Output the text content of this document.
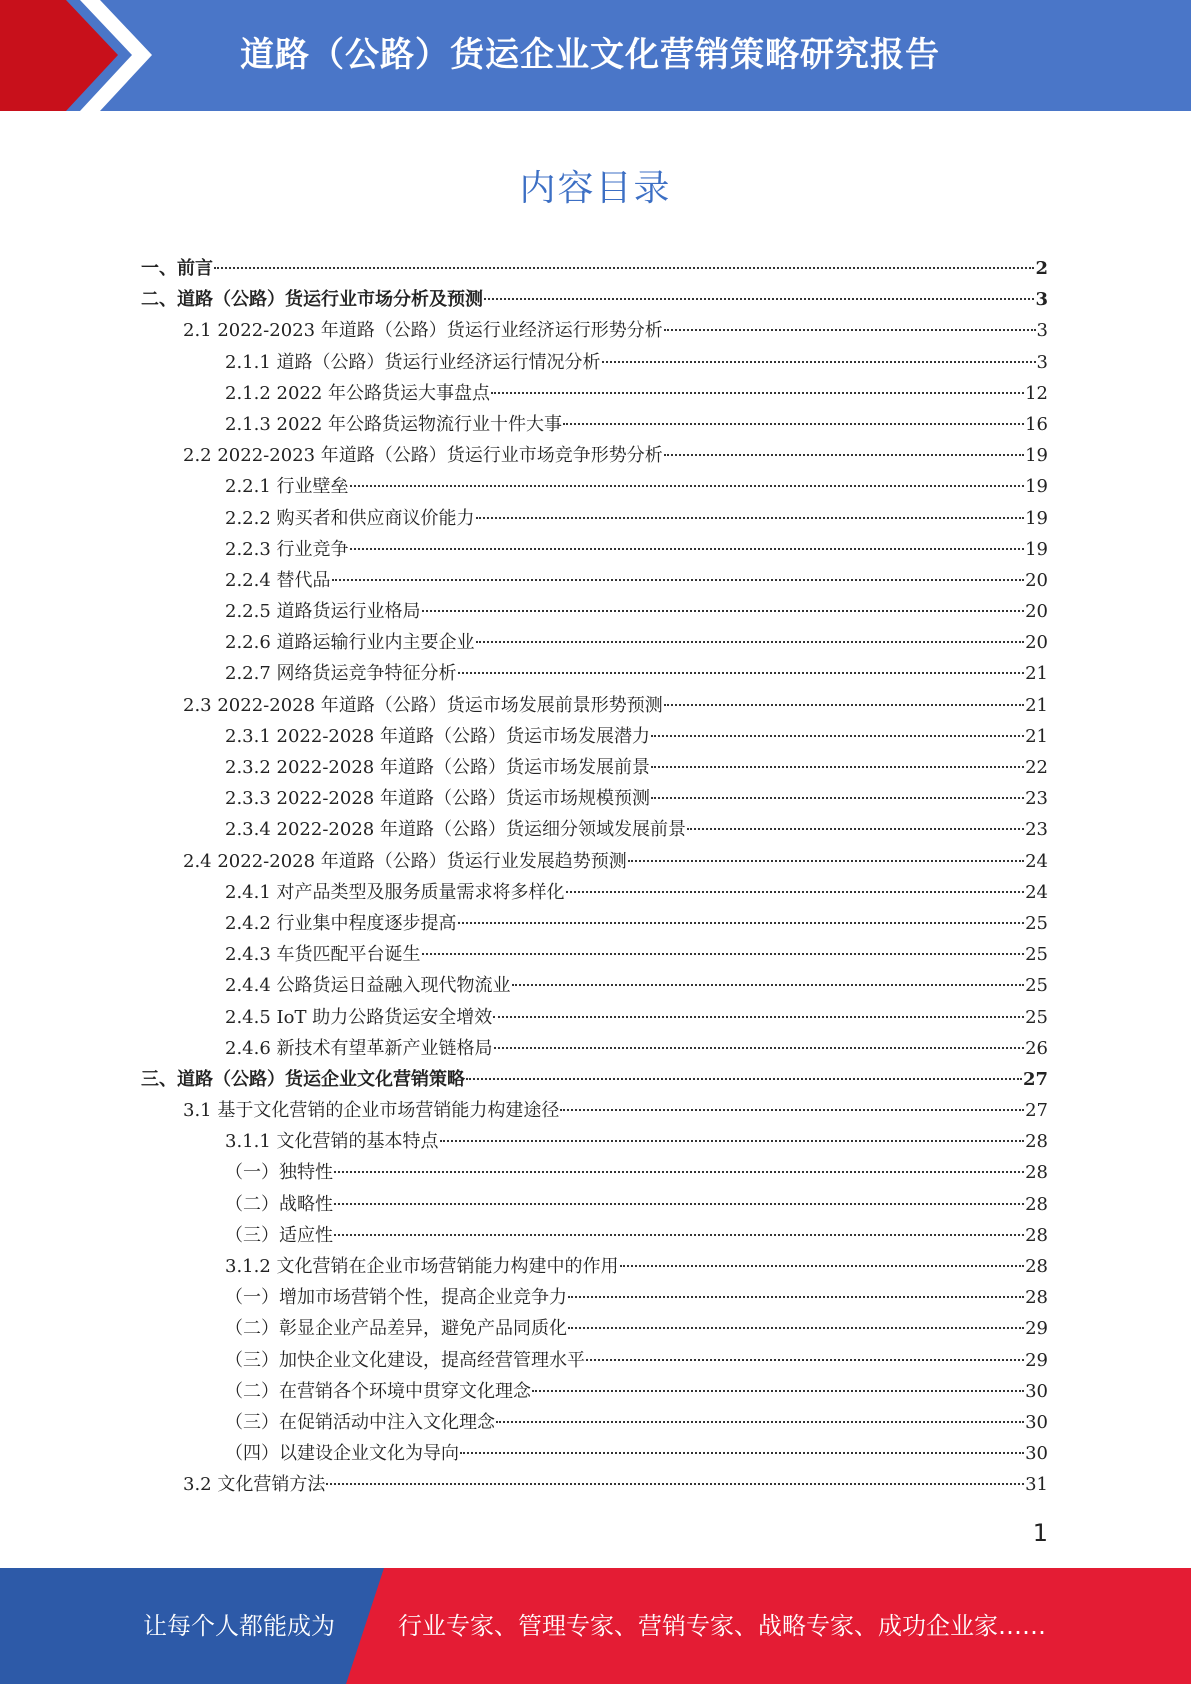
道路（公路）货运企业文化营销策略研究报告
内容目录
一、前言	2
二、道路（公路）货运行业市场分析及预测	3
2.1 2022-2023 年道路（公路）货运行业经济运行形势分析	3
2.1.1 道路（公路）货运行业经济运行情况分析	3
2.1.2 2022 年公路货运大事盘点	12
2.1.3 2022 年公路货运物流行业十件大事	16
2.2 2022-2023 年道路（公路）货运行业市场竞争形势分析	19
2.2.1 行业壁垒	19
2.2.2 购买者和供应商议价能力	19
2.2.3 行业竞争	19
2.2.4 替代品	20
2.2.5 道路货运行业格局	20
2.2.6 道路运输行业内主要企业	20
2.2.7 网络货运竞争特征分析	21
2.3 2022-2028 年道路（公路）货运市场发展前景形势预测	21
2.3.1 2022-2028 年道路（公路）货运市场发展潜力	21
2.3.2 2022-2028 年道路（公路）货运市场发展前景	22
2.3.3 2022-2028 年道路（公路）货运市场规模预测	23
2.3.4 2022-2028 年道路（公路）货运细分领域发展前景	23
2.4 2022-2028 年道路（公路）货运行业发展趋势预测	24
2.4.1 对产品类型及服务质量需求将多样化	24
2.4.2 行业集中程度逐步提高	25
2.4.3 车货匹配平台诞生	25
2.4.4 公路货运日益融入现代物流业	25
2.4.5 IoT 助力公路货运安全增效	25
2.4.6 新技术有望革新产业链格局	26
三、道路（公路）货运企业文化营销策略	27
3.1 基于文化营销的企业市场营销能力构建途径	27
3.1.1 文化营销的基本特点	28
（一）独特性	28
（二）战略性	28
（三）适应性	28
3.1.2 文化营销在企业市场营销能力构建中的作用	28
（一）增加市场营销个性，提高企业竞争力	28
（二）彰显企业产品差异，避免产品同质化	29
（三）加快企业文化建设，提高经营管理水平	29
（二）在营销各个环境中贯穿文化理念	30
（三）在促销活动中注入文化理念	30
（四）以建设企业文化为导向	30
3.2 文化营销方法	31
1
让每个人都能成为	行业专家、管理专家、营销专家、战略专家、成功企业家……
